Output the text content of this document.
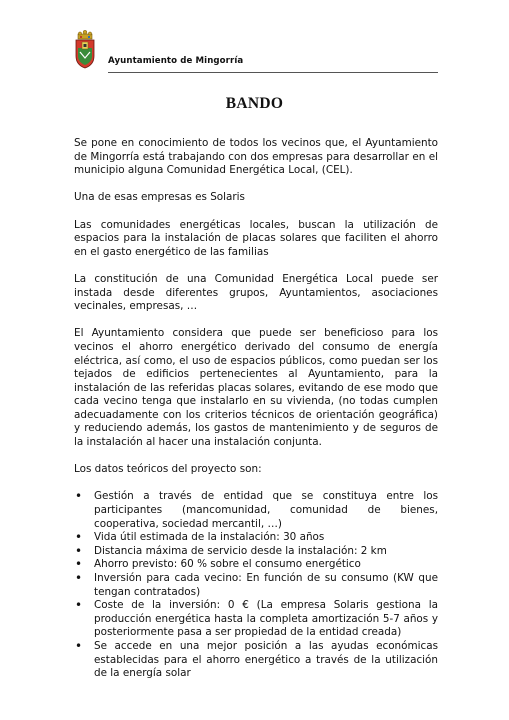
Ayuntamiento de Mingorría
BANDO

Se pone en conocimiento de todos los vecinos que, el Ayuntamiento de Mingorría está trabajando con dos empresas para desarrollar en el municipio alguna Comunidad Energética Local, (CEL).

Una de esas empresas es Solaris

Las comunidades energéticas locales, buscan la utilización de espacios para la instalación de placas solares que faciliten el ahorro en el gasto energético de las familias

La constitución de una Comunidad Energética Local puede ser instada desde diferentes grupos, Ayuntamientos, asociaciones vecinales, empresas, …

El Ayuntamiento considera que puede ser beneficioso para los vecinos el ahorro energético derivado del consumo de energía eléctrica, así como, el uso de espacios públicos, como puedan ser los tejados de edificios pertenecientes al Ayuntamiento, para la instalación de las referidas placas solares, evitando de ese modo que cada vecino tenga que instalarlo en su vivienda, (no todas cumplen adecuadamente con los criterios técnicos de orientación geográfica) y reduciendo además, los gastos de mantenimiento y de seguros de la instalación al hacer una instalación conjunta.

Los datos teóricos del proyecto son:

• Gestión a través de entidad que se constituya entre los participantes (mancomunidad, comunidad de bienes, cooperativa, sociedad mercantil, …)
• Vida útil estimada de la instalación: 30 años
• Distancia máxima de servicio desde la instalación: 2 km
• Ahorro previsto: 60 % sobre el consumo energético
• Inversión para cada vecino: En función de su consumo (KW que tengan contratados)
• Coste de la inversión: 0 € (La empresa Solaris gestiona la producción energética hasta la completa amortización 5-7 años y posteriormente pasa a ser propiedad de la entidad creada)
• Se accede en una mejor posición a las ayudas económicas establecidas para el ahorro energético a través de la utilización de la energía solar
